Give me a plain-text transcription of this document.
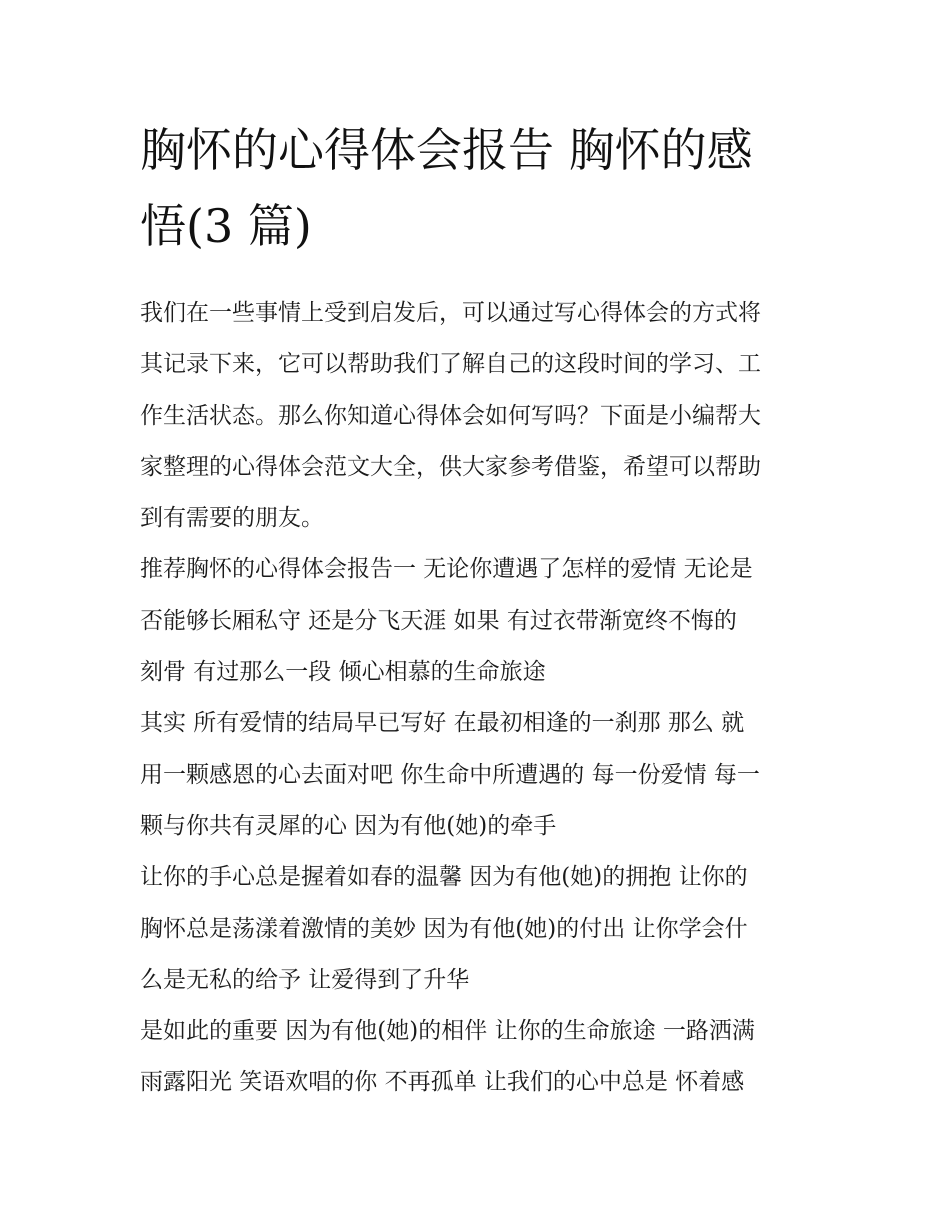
胸怀的心得体会报告 胸怀的感
悟(3 篇)
我们在一些事情上受到启发后，可以通过写心得体会的方式将
其记录下来，它可以帮助我们了解自己的这段时间的学习、工
作生活状态。那么你知道心得体会如何写吗？下面是小编帮大
家整理的心得体会范文大全，供大家参考借鉴，希望可以帮助
到有需要的朋友。
推荐胸怀的心得体会报告一 无论你遭遇了怎样的爱情 无论是
否能够长厢私守 还是分飞天涯 如果 有过衣带渐宽终不悔的
刻骨 有过那么一段 倾心相慕的生命旅途
其实 所有爱情的结局早已写好 在最初相逢的一刹那 那么 就
用一颗感恩的心去面对吧 你生命中所遭遇的 每一份爱情 每一
颗与你共有灵犀的心 因为有他(她)的牵手
让你的手心总是握着如春的温馨 因为有他(她)的拥抱 让你的
胸怀总是荡漾着激情的美妙 因为有他(她)的付出 让你学会什
么是无私的给予 让爱得到了升华
是如此的重要 因为有他(她)的相伴 让你的生命旅途 一路洒满
雨露阳光 笑语欢唱的你 不再孤单 让我们的心中总是 怀着感
